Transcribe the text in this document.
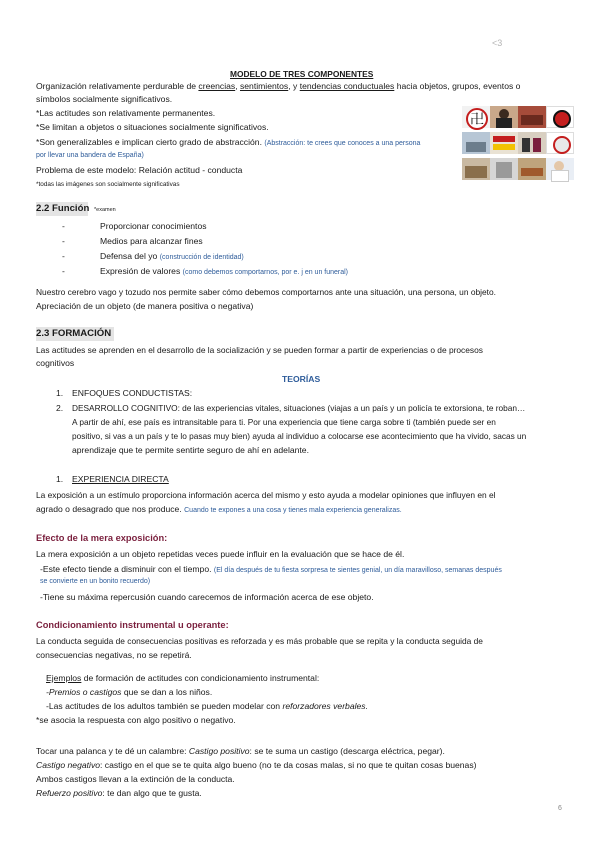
<3
6
MODELO DE TRES COMPONENTES
Organización relativamente perdurable de creencias, sentimientos, y tendencias conductuales hacia objetos, grupos, eventos o
símbolos socialmente significativos.
*Las actitudes son relativamente permanentes.
*Se limitan a objetos o situaciones socialmente significativos.
*Son generalizables e implican cierto grado de abstracción. (Abstracción: te crees que conoces a una persona
por llevar una bandera de España)
Problema de este modelo: Relación actitud - conducta
*todas las imágenes son socialmente significativas
卍
2.2 Función *examen
-	Proporcionar conocimientos
-	Medios para alcanzar fines
-	Defensa del yo (construcción de identidad)
-	Expresión de valores (como debemos comportarnos, por e. j en un funeral)
Nuestro cerebro vago y tozudo nos permite saber cómo debemos comportarnos ante una situación, una persona, un objeto.
Apreciación de un objeto (de manera positiva o negativa)
2.3 FORMACIÓN
Las actitudes se aprenden en el desarrollo de la socialización y se pueden formar a partir de experiencias o de procesos
cognitivos
TEORÍAS
1. ENFOQUES CONDUCTISTAS:
2. DESARROLLO COGNITIVO: de las experiencias vitales, situaciones (viajas a un país y un policía te extorsiona, te roban…
A partir de ahí, ese país es intransitable para ti. Por una experiencia que tiene carga sobre ti (también puede ser en
positivo, si vas a un país y te lo pasas muy bien) ayuda al individuo a colocarse ese acontecimiento que ha vivido, sacas un
aprendizaje que te permite sentirte seguro de ahí en adelante.
1. EXPERIENCIA DIRECTA
La exposición a un estímulo proporciona información acerca del mismo y esto ayuda a modelar opiniones que influyen en el
agrado o desagrado que nos produce. Cuando te expones a una cosa y tienes mala experiencia generalizas.
Efecto de la mera exposición:
La mera exposición a un objeto repetidas veces puede influir en la evaluación que se hace de él.
-Este efecto tiende a disminuir con el tiempo. (El día después de tu fiesta sorpresa te sientes genial, un día maravilloso, semanas después
se convierte en un bonito recuerdo)
-Tiene su máxima repercusión cuando carecemos de información acerca de ese objeto.
Condicionamiento instrumental u operante:
La conducta seguida de consecuencias positivas es reforzada y es más probable que se repita y la conducta seguida de
consecuencias negativas, no se repetirá.
Ejemplos de formación de actitudes con condicionamiento instrumental:
-Premios o castigos que se dan a los niños.
-Las actitudes de los adultos también se pueden modelar con reforzadores verbales.
*se asocia la respuesta con algo positivo o negativo.
Tocar una palanca y te dé un calambre: Castigo positivo: se te suma un castigo (descarga eléctrica, pegar).
Castigo negativo: castigo en el que se te quita algo bueno (no te da cosas malas, si no que te quitan cosas buenas)
Ambos castigos llevan a la extinción de la conducta.
Refuerzo positivo: te dan algo que te gusta.
